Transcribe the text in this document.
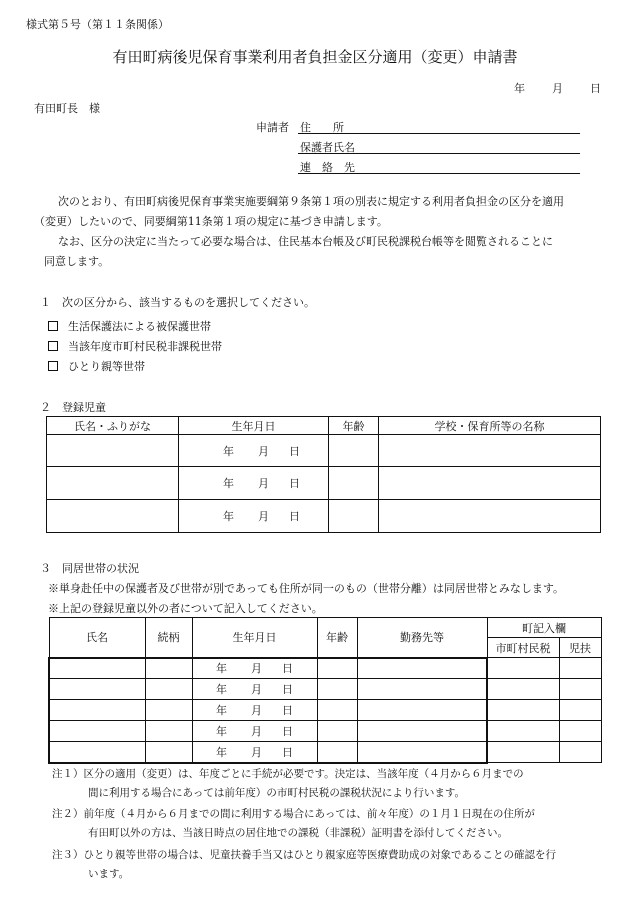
様式第５号（第１１条関係）
有田町病後児保育事業利用者負担金区分適用（変更）申請書
年 月 日
有田町長　様
申請者 住　　所
保護者氏名
連　絡　先
次のとおり、有田町病後児保育事業実施要綱第９条第１項の別表に規定する利用者負担金の区分を適用
（変更）したいので、同要綱第11条第１項の規定に基づき申請します。
なお、区分の決定に当たって必要な場合は、住民基本台帳及び町民税課税台帳等を閲覧されることに
同意します。
１　次の区分から、該当するものを選択してください。
生活保護法による被保護世帯
当該年度市町村民税非課税世帯
ひとり親等世帯
２　登録児童
氏名・ふりがな	生年月日	年齢	学校・保育所等の名称
	年 月 日		
	年 月 日		
	年 月 日		
３　同居世帯の状況
※単身赴任中の保護者及び世帯が別であっても住所が同一のもの（世帯分離）は同居世帯とみなします。
※上記の登録児童以外の者について記入してください。
氏名	続柄	生年月日	年齢	勤務先等	町記入欄	
					市町村民税	児扶
		年 月 日				
		年 月 日				
		年 月 日				
		年 月 日				
		年 月 日				
注１）区分の適用（変更）は、年度ごとに手続が必要です。決定は、当該年度（４月から６月までの
間に利用する場合にあっては前年度）の市町村民税の課税状況により行います。
注２）前年度（４月から６月までの間に利用する場合にあっては、前々年度）の１月１日現在の住所が
有田町以外の方は、当該日時点の居住地での課税（非課税）証明書を添付してください。
注３）ひとり親等世帯の場合は、児童扶養手当又はひとり親家庭等医療費助成の対象であることの確認を行
います。
